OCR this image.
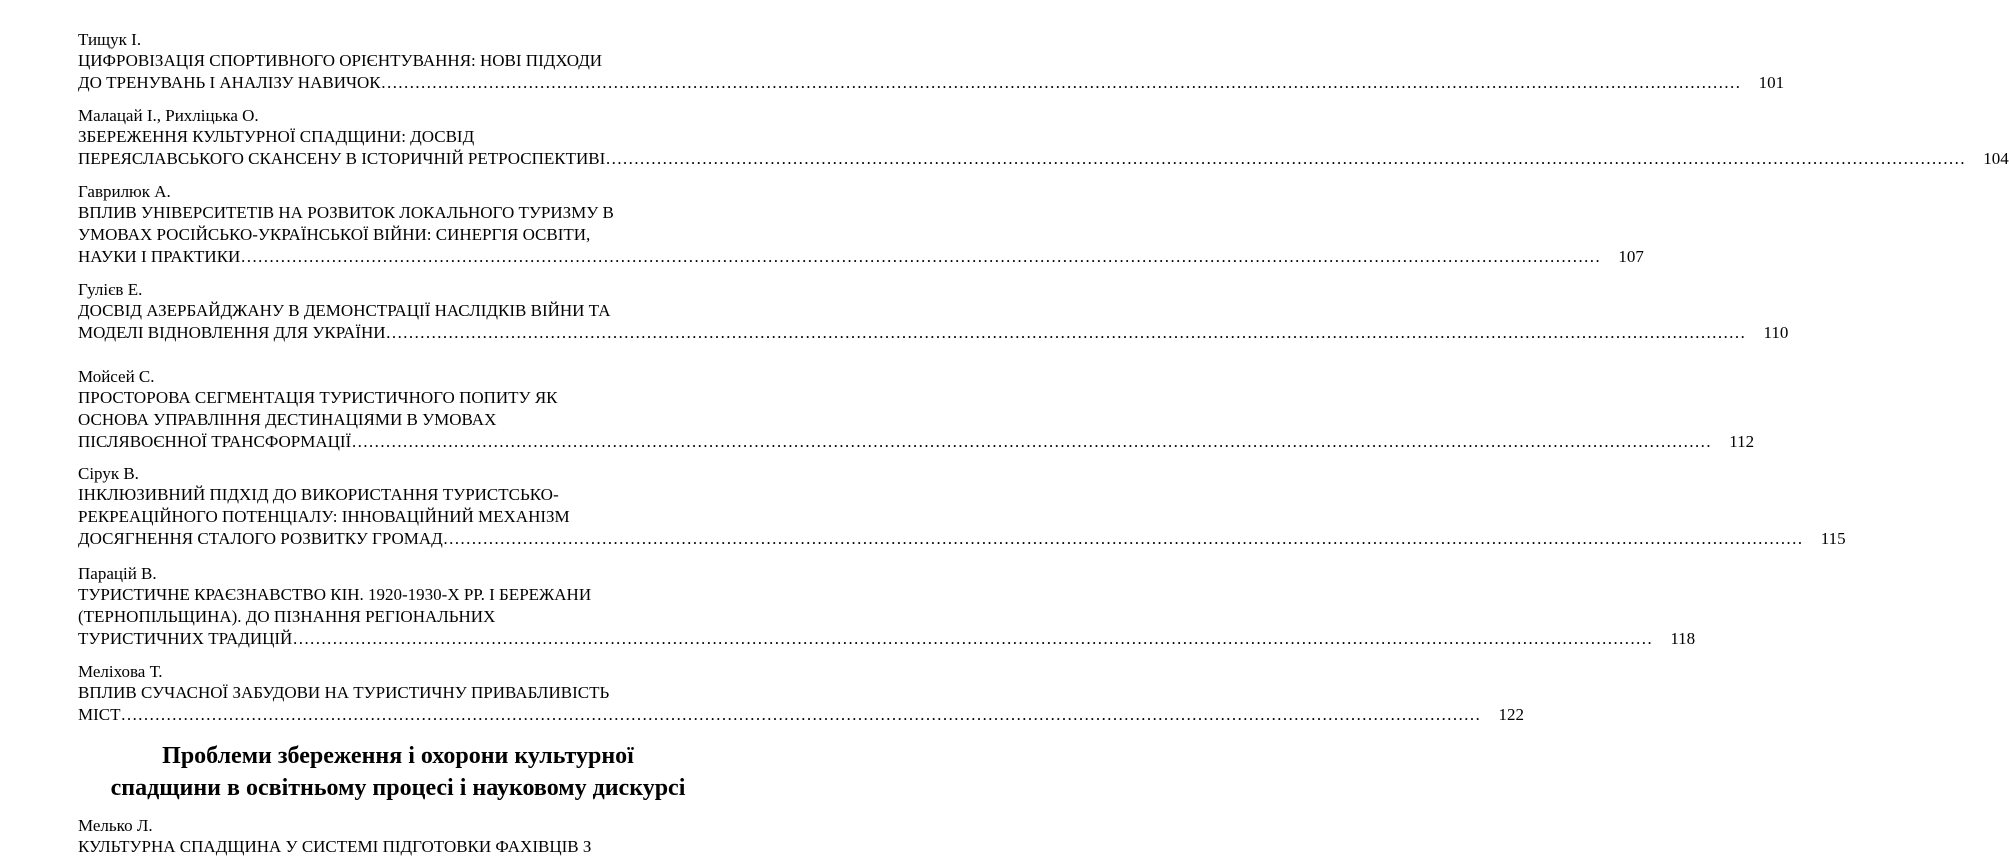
Тищук І.
ЦИФРОВІЗАЦІЯ СПОРТИВНОГО ОРІЄНТУВАННЯ: НОВІ ПІДХОДИ
ДО ТРЕНУВАНЬ І АНАЛІЗУ НАВИЧОК ……………………………………………………………………………………………………………………………………………………………………………………………………………………	101
Малацай І., Рихліцька О.
ЗБЕРЕЖЕННЯ КУЛЬТУРНОЇ СПАДЩИНИ: ДОСВІД
ПЕРЕЯСЛАВСЬКОГО СКАНСЕНУ В ІСТОРИЧНІЙ РЕТРОСПЕКТИВІ ……………………………………………………………………………………………………………………………………………………………………………………………………………………	104
Гаврилюк А.
ВПЛИВ УНІВЕРСИТЕТІВ НА РОЗВИТОК ЛОКАЛЬНОГО ТУРИЗМУ В
УМОВАХ РОСІЙСЬКО-УКРАЇНСЬКОЇ ВІЙНИ: СИНЕРГІЯ ОСВІТИ,
НАУКИ І ПРАКТИКИ ……………………………………………………………………………………………………………………………………………………………………………………………………………………	107
Гулієв Е.
ДОСВІД АЗЕРБАЙДЖАНУ В ДЕМОНСТРАЦІЇ НАСЛІДКІВ ВІЙНИ ТА
МОДЕЛІ ВІДНОВЛЕННЯ ДЛЯ УКРАЇНИ ……………………………………………………………………………………………………………………………………………………………………………………………………………………	110
Мойсей С.
ПРОСТОРОВА СЕГМЕНТАЦІЯ ТУРИСТИЧНОГО ПОПИТУ ЯК
ОСНОВА УПРАВЛІННЯ ДЕСТИНАЦІЯМИ В УМОВАХ
ПІСЛЯВОЄННОЇ ТРАНСФОРМАЦІЇ ……………………………………………………………………………………………………………………………………………………………………………………………………………………	112
Сірук В.
ІНКЛЮЗИВНИЙ ПІДХІД ДО ВИКОРИСТАННЯ ТУРИСТСЬКО-
РЕКРЕАЦІЙНОГО ПОТЕНЦІАЛУ: ІННОВАЦІЙНИЙ МЕХАНІЗМ
ДОСЯГНЕННЯ СТАЛОГО РОЗВИТКУ ГРОМАД ……………………………………………………………………………………………………………………………………………………………………………………………………………………	115
Парацій В.
ТУРИСТИЧНЕ КРАЄЗНАВСТВО КІН. 1920-1930-Х РР. І БЕРЕЖАНИ
(ТЕРНОПІЛЬЩИНА). ДО ПІЗНАННЯ РЕГІОНАЛЬНИХ
ТУРИСТИЧНИХ ТРАДИЦІЙ ……………………………………………………………………………………………………………………………………………………………………………………………………………………	118
Меліхова Т.
ВПЛИВ СУЧАСНОЇ ЗАБУДОВИ НА ТУРИСТИЧНУ ПРИВАБЛИВІСТЬ
МІСТ ……………………………………………………………………………………………………………………………………………………………………………………………………………………	122
Проблеми збереження і охорони культурної
спадщини в освітньому процесі і науковому дискурсі
Мелько Л.
КУЛЬТУРНА СПАДЩИНА У СИСТЕМІ ПІДГОТОВКИ ФАХІВЦІВ З
